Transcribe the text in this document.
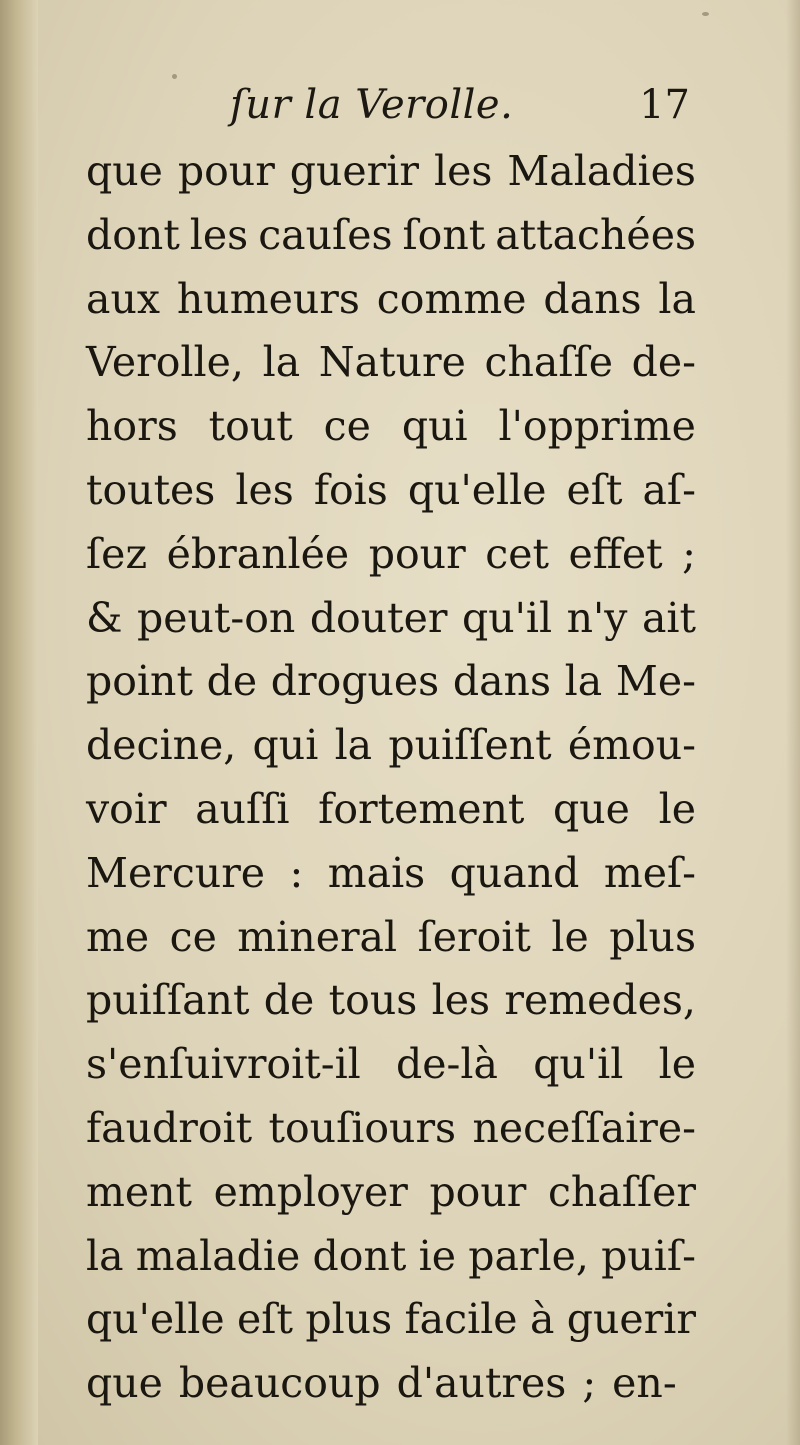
ſur la Verolle.	17
que pour guerir les Maladies
dont les cauſes ſont attachées
aux humeurs comme dans la
Verolle, la Nature chaſſe de-
hors tout ce qui l'opprime
toutes les fois qu'elle eſt aſ-
ſez ébranlée pour cet effet ;
& peut-on douter qu'il n'y ait
point de drogues dans la Me-
decine, qui la puiſſent émou-
voir auſſi fortement que le
Mercure : mais quand meſ-
me ce mineral ſeroit le plus
puiſſant de tous les remedes,
s'enſuivroit-il de-là qu'il le
faudroit touſiours neceſſaire-
ment employer pour chaſſer
la maladie dont ie parle, puiſ-
qu'elle eſt plus facile à guerir
que beaucoup d'autres ; en-
